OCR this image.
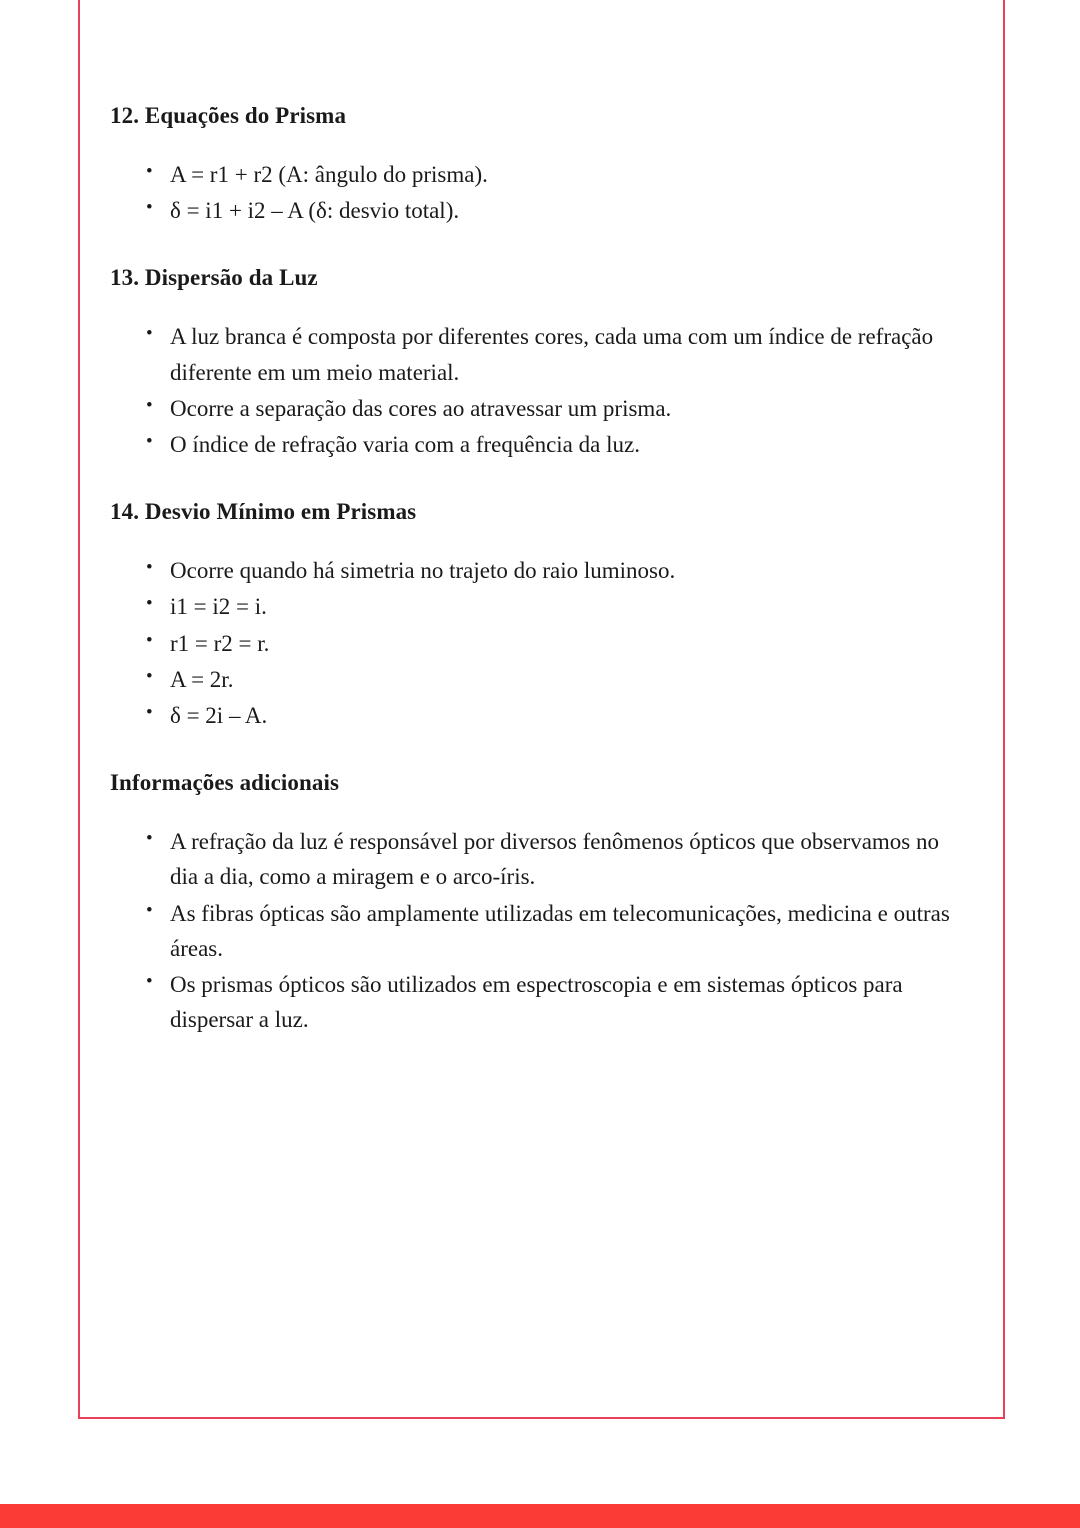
12. Equações do Prisma
• A = r1 + r2 (A: ângulo do prisma).
• δ = i1 + i2 – A (δ: desvio total).
13. Dispersão da Luz
• A luz branca é composta por diferentes cores, cada uma com um índice de refração diferente em um meio material.
• Ocorre a separação das cores ao atravessar um prisma.
• O índice de refração varia com a frequência da luz.
14. Desvio Mínimo em Prismas
• Ocorre quando há simetria no trajeto do raio luminoso.
• i1 = i2 = i.
• r1 = r2 = r.
• A = 2r.
• δ = 2i – A.
Informações adicionais
• A refração da luz é responsável por diversos fenômenos ópticos que observamos no dia a dia, como a miragem e o arco-íris.
• As fibras ópticas são amplamente utilizadas em telecomunicações, medicina e outras áreas.
• Os prismas ópticos são utilizados em espectroscopia e em sistemas ópticos para dispersar a luz.
